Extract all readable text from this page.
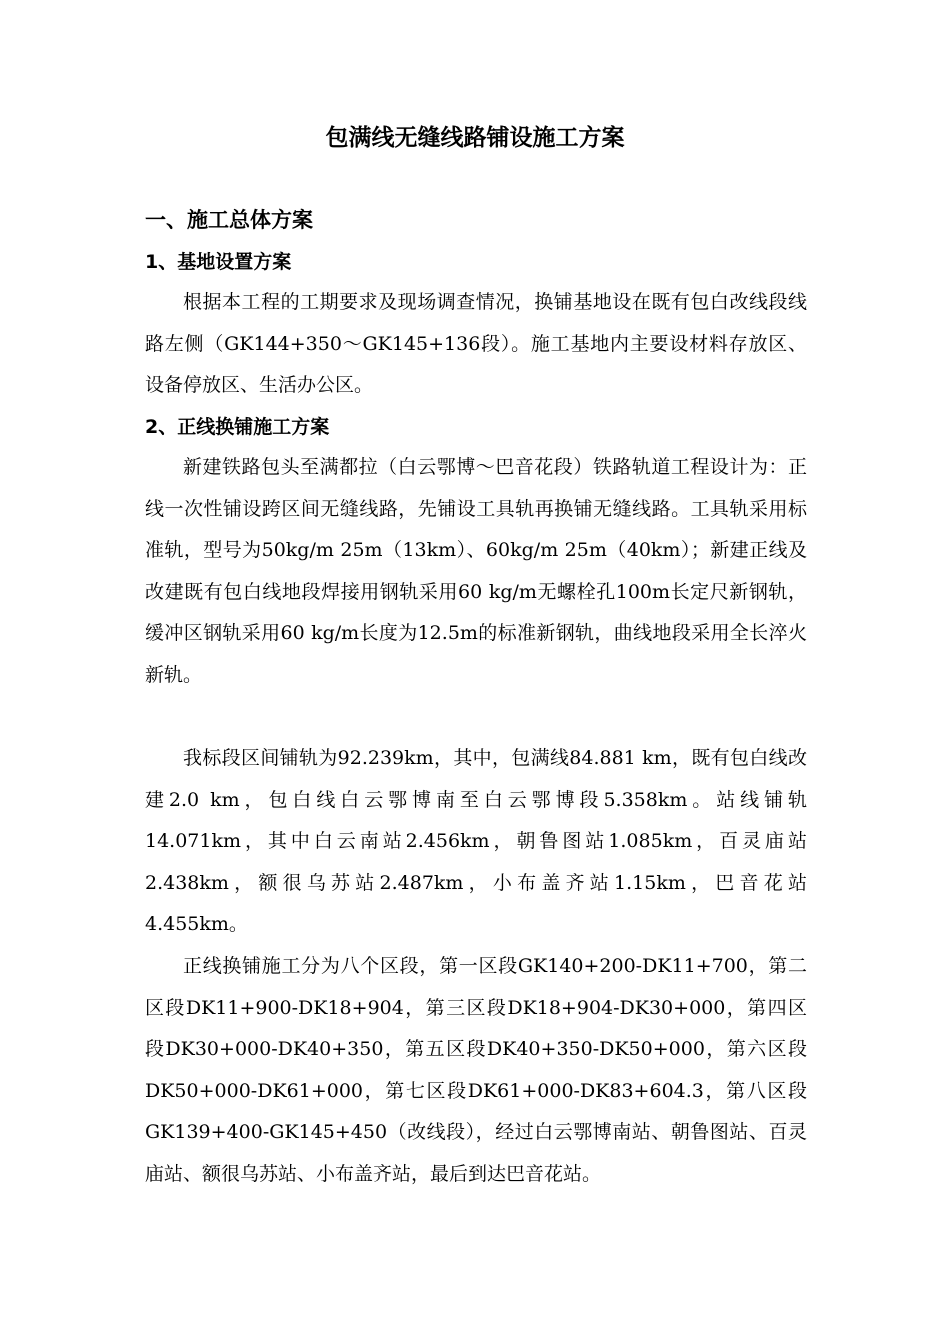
包满线无缝线路铺设施工方案
一、施工总体方案
1、基地设置方案

根据本工程的工期要求及现场调查情况，换铺基地设在既有包白改线段线路左侧（GK144+350～GK145+136段）。施工基地内主要设材料存放区、设备停放区、生活办公区。

2、正线换铺施工方案

新建铁路包头至满都拉（白云鄂博～巴音花段）铁路轨道工程设计为：正线一次性铺设跨区间无缝线路，先铺设工具轨再换铺无缝线路。工具轨采用标准轨，型号为50kg/m 25m（13km）、60kg/m 25m（40km）；新建正线及改建既有包白线地段焊接用钢轨采用60 kg/m无螺栓孔100m长定尺新钢轨，缓冲区钢轨采用60 kg/m长度为12.5m的标准新钢轨，曲线地段采用全长淬火新轨。

我标段区间铺轨为92.239km，其中，包满线84.881 km，既有包白线改建2.0 km，包白线白云鄂博南至白云鄂博段5.358km。站线铺轨14.071km，其中白云南站2.456km，朝鲁图站1.085km，百灵庙站2.438km，额很乌苏站2.487km，小布盖齐站1.15km，巴音花站4.455km。

正线换铺施工分为八个区段，第一区段GK140+200-DK11+700，第二区段DK11+900-DK18+904，第三区段DK18+904-DK30+000，第四区段DK30+000-DK40+350，第五区段DK40+350-DK50+000，第六区段DK50+000-DK61+000，第七区段DK61+000-DK83+604.3，第八区段GK139+400-GK145+450（改线段），经过白云鄂博南站、朝鲁图站、百灵庙站、额很乌苏站、小布盖齐站，最后到达巴音花站。
